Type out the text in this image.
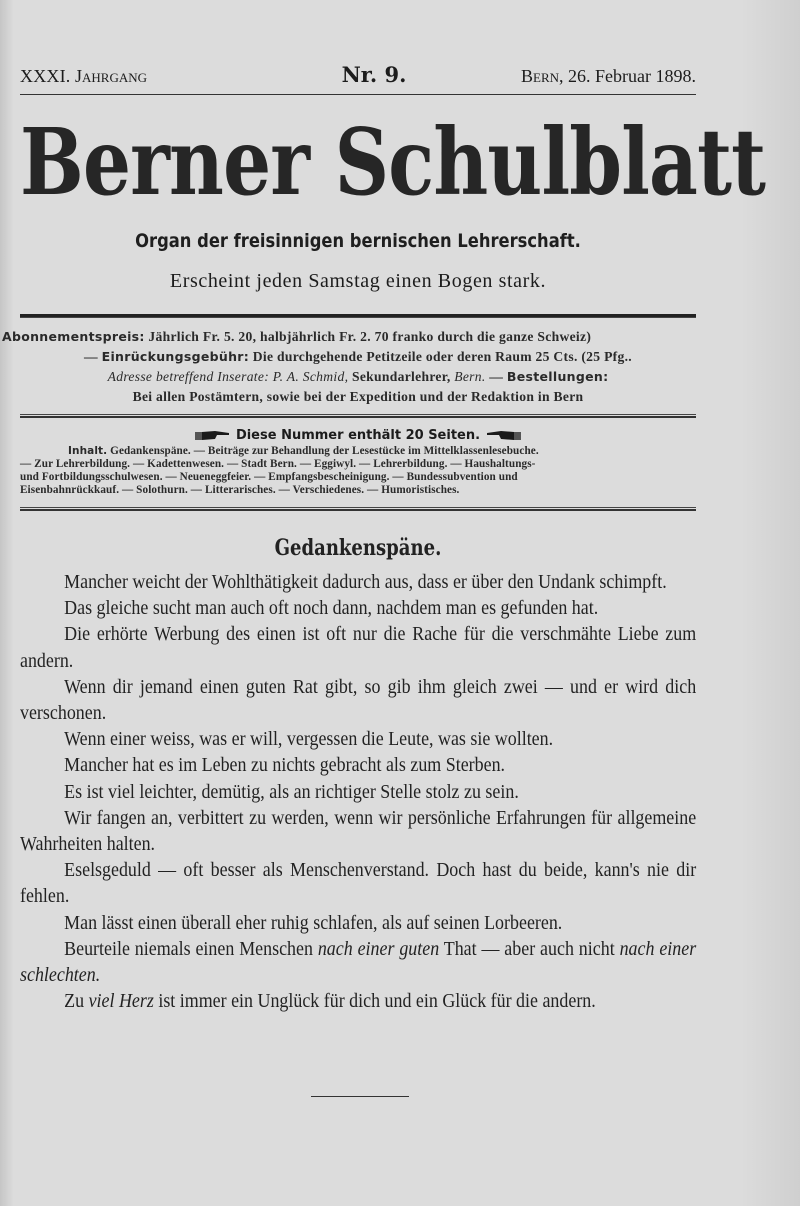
XXXI. Jahrgang	Nr. 9.	Bern, 26. Februar 1898.
Berner Schulblatt
Organ der freisinnigen bernischen Lehrerschaft.
Erscheint jeden Samstag einen Bogen stark.
Abonnementspreis: Jährlich Fr. 5. 20, halbjährlich Fr. 2. 70 franko durch die ganze Schweiz)
— Einrückungsgebühr: Die durchgehende Petitzeile oder deren Raum 25 Cts. (25 Pfg..
Adresse betreffend Inserate: P. A. Schmid, Sekundarlehrer, Bern. — Bestellungen:
Bei allen Postämtern, sowie bei der Expedition und der Redaktion in Bern
Diese Nummer enthält 20 Seiten.
Inhalt. Gedankenspäne. — Beiträge zur Behandlung der Lesestücke im Mittelklassenlesebuche.
— Zur Lehrerbildung. — Kadettenwesen. — Stadt Bern. — Eggiwyl. — Lehrerbildung. — Haushaltungs-
und Fortbildungsschulwesen. — Neueneggfeier. — Empfangsbescheinigung. — Bundessubvention und
Eisenbahnrückkauf. — Solothurn. — Litterarisches. — Verschiedenes. — Humoristisches.
Gedankenspäne.

Mancher weicht der Wohlthätigkeit dadurch aus, dass er über den Undank schimpft.

Das gleiche sucht man auch oft noch dann, nachdem man es gefunden hat.

Die erhörte Werbung des einen ist oft nur die Rache für die verschmähte Liebe zum andern.

Wenn dir jemand einen guten Rat gibt, so gib ihm gleich zwei — und er wird dich verschonen.

Wenn einer weiss, was er will, vergessen die Leute, was sie wollten.

Mancher hat es im Leben zu nichts gebracht als zum Sterben.

Es ist viel leichter, demütig, als an richtiger Stelle stolz zu sein.

Wir fangen an, verbittert zu werden, wenn wir persönliche Erfahrungen für allgemeine Wahrheiten halten.

Eselsgeduld — oft besser als Menschenverstand. Doch hast du beide, kann's nie dir fehlen.

Man lässt einen überall eher ruhig schlafen, als auf seinen Lorbeeren.

Beurteile niemals einen Menschen nach einer guten That — aber auch nicht nach einer schlechten.

Zu viel Herz ist immer ein Unglück für dich und ein Glück für die andern.
